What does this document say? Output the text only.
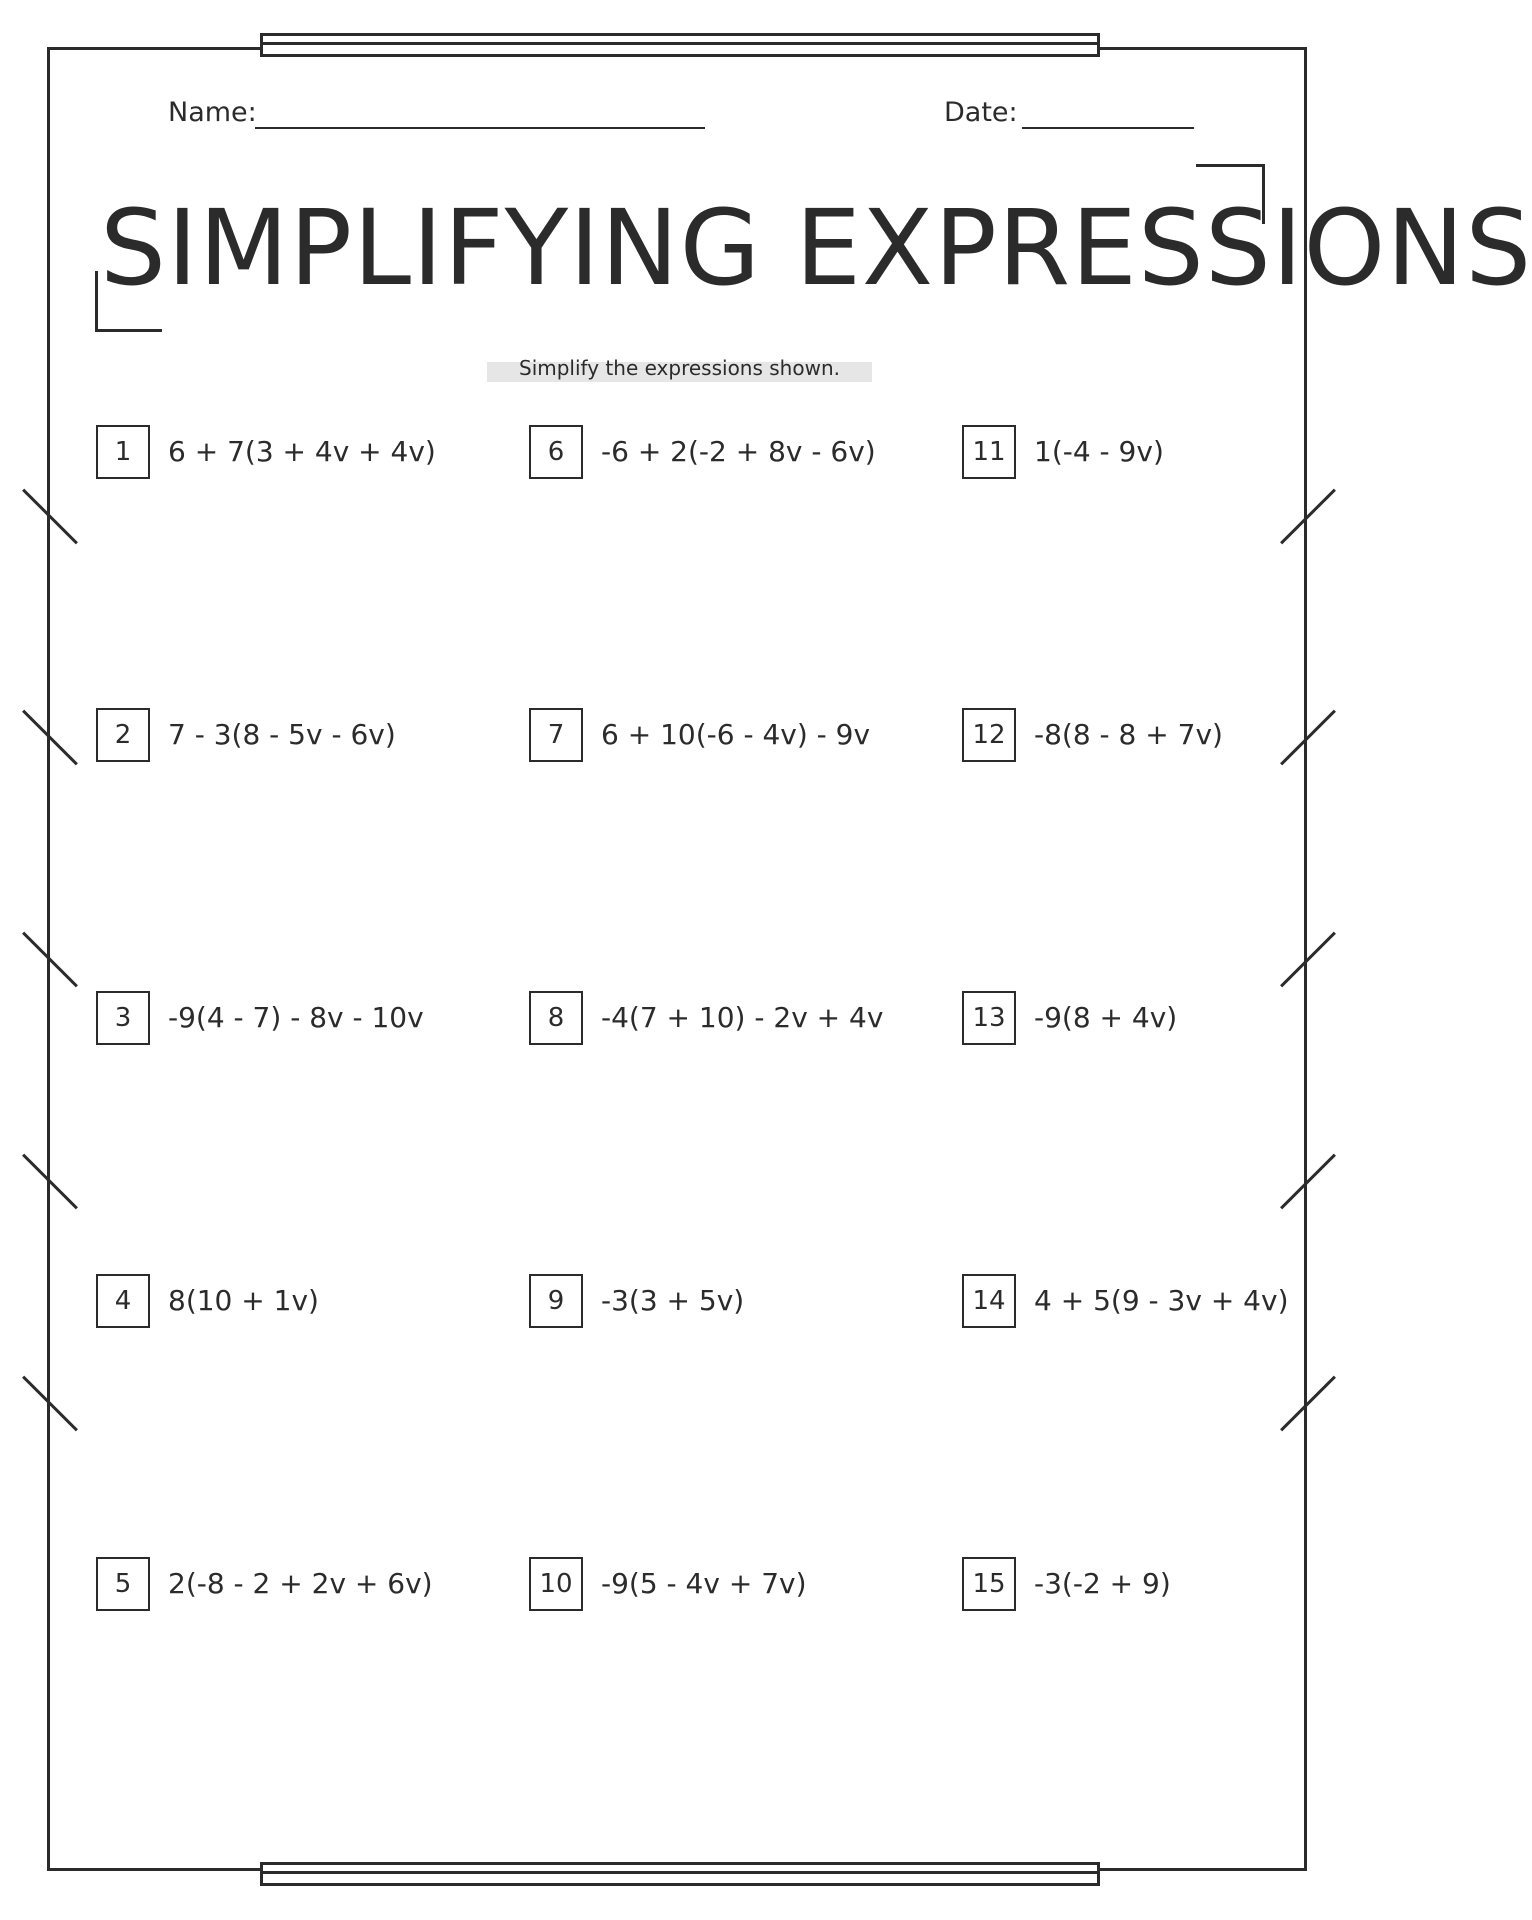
Name:	Date:
SIMPLIFYING EXPRESSIONS
Simplify the expressions shown.
1	6 + 7(3 + 4v + 4v)
2	7 - 3(8 - 5v - 6v)
3	-9(4 - 7) - 8v - 10v
4	8(10 + 1v)
5	2(-8 - 2 + 2v + 6v)
6	-6 + 2(-2 + 8v - 6v)
7	6 + 10(-6 - 4v) - 9v
8	-4(7 + 10) - 2v + 4v
9	-3(3 + 5v)
10	-9(5 - 4v + 7v)
11	1(-4 - 9v)
12	-8(8 - 8 + 7v)
13	-9(8 + 4v)
14	4 + 5(9 - 3v + 4v)
15	-3(-2 + 9)
